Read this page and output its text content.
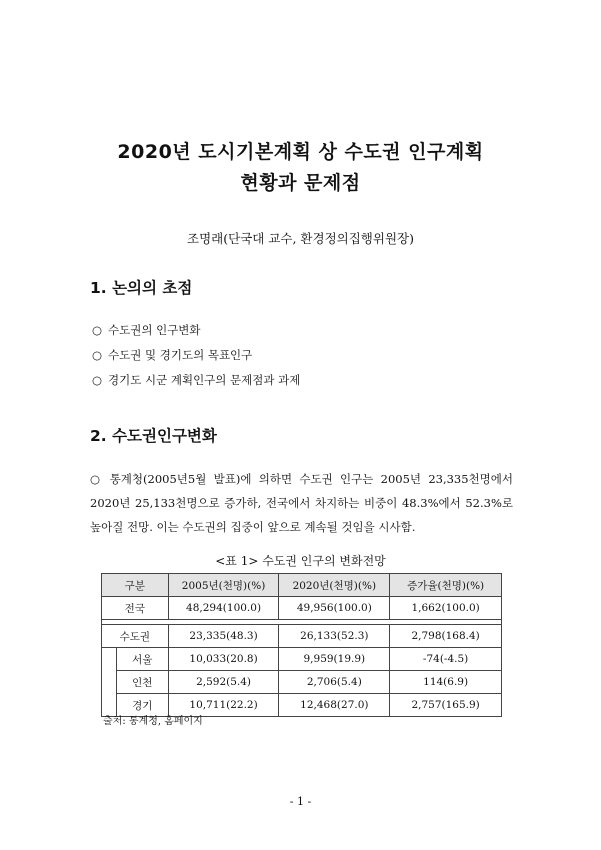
2020년 도시기본계획 상 수도권 인구계획
현황과 문제점
조명래(단국대 교수, 환경정의집행위원장)
1. 논의의 초점
○ 수도권의 인구변화
○ 수도권 및 경기도의 목표인구
○ 경기도 시군 계획인구의 문제점과 과제
2. 수도권인구변화

○ 통계청(2005년5월 발표)에 의하면 수도권 인구는 2005년 23,335천명에서 2020년 25,133천명으로 증가하, 전국에서 차지하는 비중이 48.3%에서 52.3%로 높아질 전망. 이는 수도권의 집중이 앞으로 계속될 것임을 시사함.

<표 1> 수도권 인구의 변화전망
구분		2005년(천명)(%)	2020년(천명)(%)	증가율(천명)(%)
전국		48,294(100.0)	49,956(100.0)	1,662(100.0)

수도권		23,335(48.3)	26,133(52.3)	2,798(168.4)
	서울	10,033(20.8)	9,959(19.9)	-74(-4.5)
	인천	2,592(5.4)	2,706(5.4)	114(6.9)
	경기	10,711(22.2)	12,468(27.0)	2,757(165.9)
출처: 통계청, 홈페이지
- 1 -
